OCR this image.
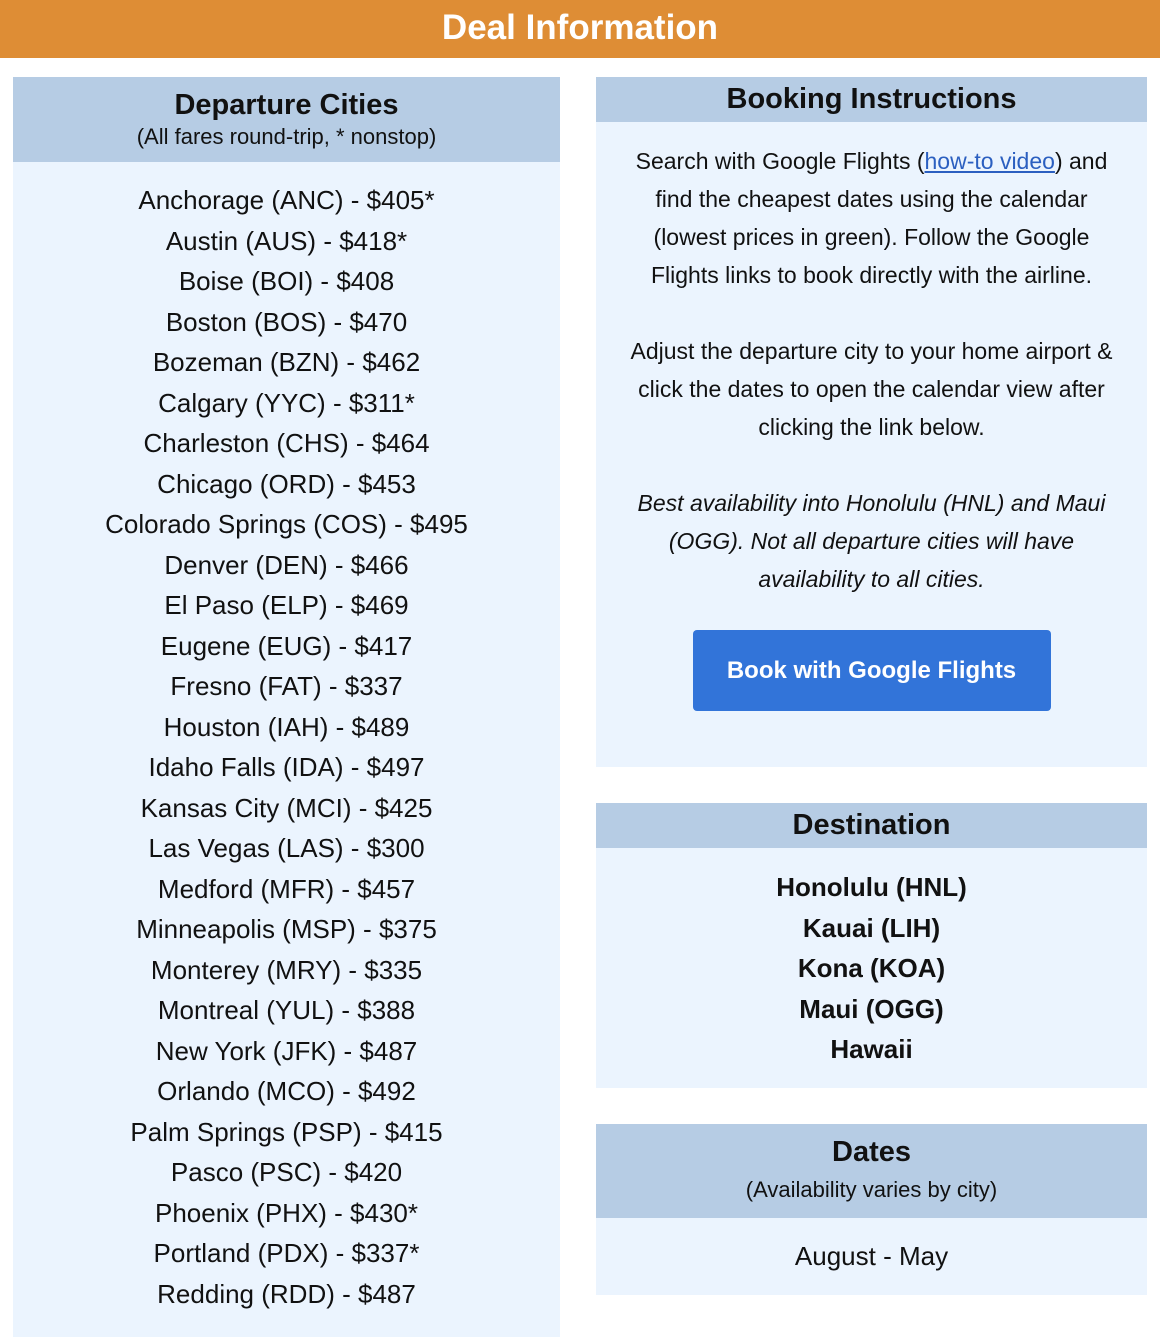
Deal Information
Departure Cities
(All fares round-trip, * nonstop)
Anchorage (ANC) - $405*
Austin (AUS) - $418*
Boise (BOI) - $408
Boston (BOS) - $470
Bozeman (BZN) - $462
Calgary (YYC) - $311*
Charleston (CHS) - $464
Chicago (ORD) - $453
Colorado Springs (COS) - $495
Denver (DEN) - $466
El Paso (ELP) - $469
Eugene (EUG) - $417
Fresno (FAT) - $337
Houston (IAH) - $489
Idaho Falls (IDA) - $497
Kansas City (MCI) - $425
Las Vegas (LAS) - $300
Medford (MFR) - $457
Minneapolis (MSP) - $375
Monterey (MRY) - $335
Montreal (YUL) - $388
New York (JFK) - $487
Orlando (MCO) - $492
Palm Springs (PSP) - $415
Pasco (PSC) - $420
Phoenix (PHX) - $430*
Portland (PDX) - $337*
Redding (RDD) - $487
Booking Instructions

Search with Google Flights (how-to video) and find the cheapest dates using the calendar (lowest prices in green). Follow the Google Flights links to book directly with the airline.

Adjust the departure city to your home airport & click the dates to open the calendar view after clicking the link below.

Best availability into Honolulu (HNL) and Maui (OGG). Not all departure cities will have availability to all cities.

Book with Google Flights
Destination
Honolulu (HNL)
Kauai (LIH)
Kona (KOA)
Maui (OGG)
Hawaii
Dates
(Availability varies by city)
August - May
